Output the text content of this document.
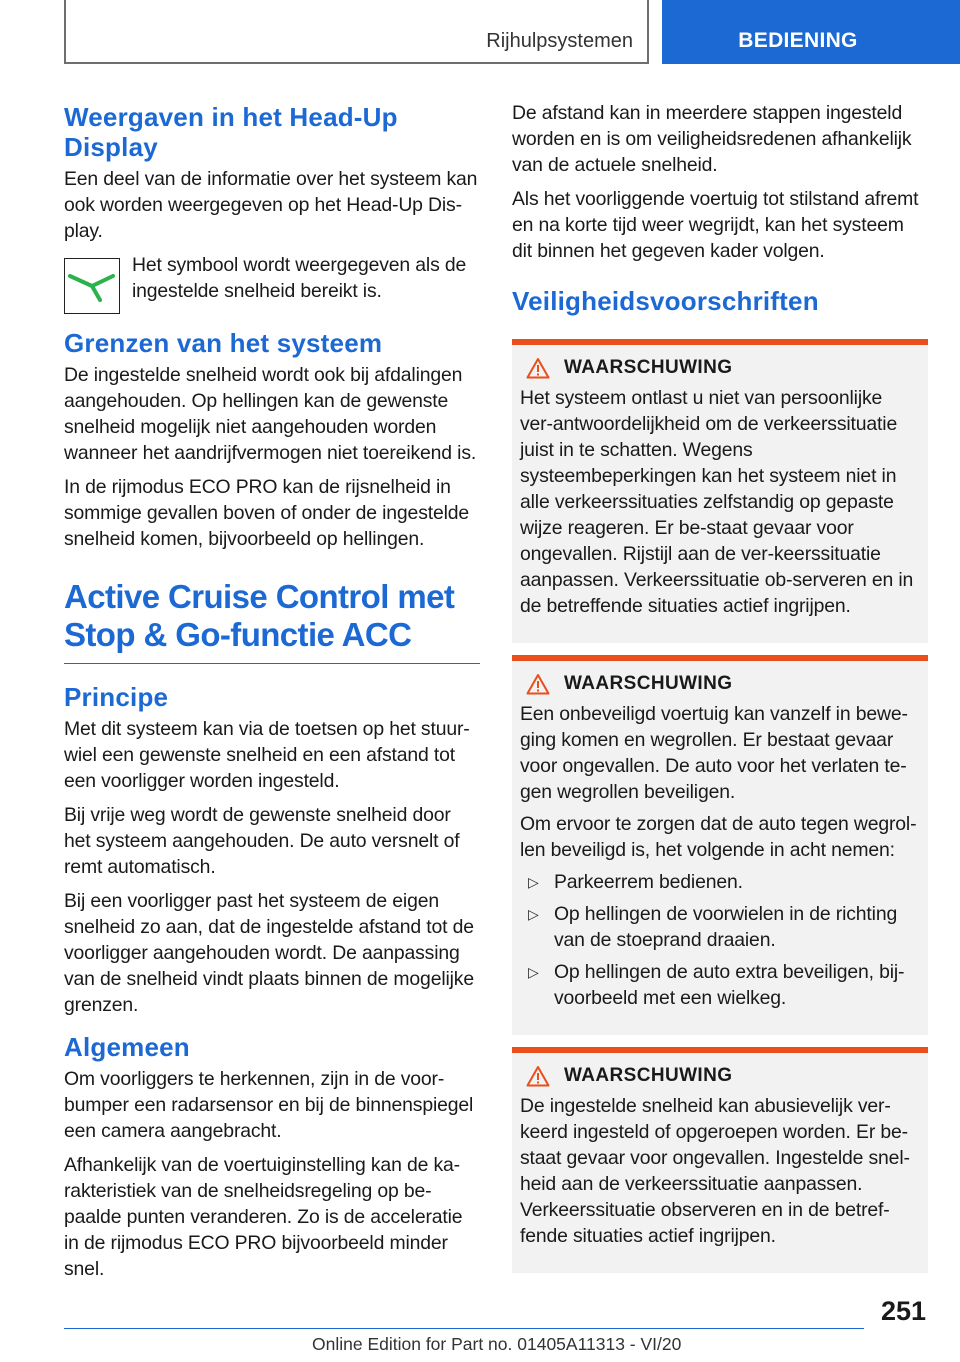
Rijhulpsystemen	BEDIENING
Weergaven in het Head-Up Display

Een deel van de informatie over het systeem kan ook worden weergegeven op het Head-Up Dis-play.

Het symbool wordt weergegeven als de ingestelde snelheid bereikt is.
Grenzen van het systeem

De ingestelde snelheid wordt ook bij afdalingen aangehouden. Op hellingen kan de gewenste snelheid mogelijk niet aangehouden worden wanneer het aandrijfvermogen niet toereikend is.

In de rijmodus ECO PRO kan de rijsnelheid in sommige gevallen boven of onder de ingestelde snelheid komen, bijvoorbeeld op hellingen.

Active Cruise Control met Stop & Go-functie ACC
Principe

Met dit systeem kan via de toetsen op het stuur-wiel een gewenste snelheid en een afstand tot een voorligger worden ingesteld.

Bij vrije weg wordt de gewenste snelheid door het systeem aangehouden. De auto versnelt of remt automatisch.

Bij een voorligger past het systeem de eigen snelheid zo aan, dat de ingestelde afstand tot de voorligger aangehouden wordt. De aanpassing van de snelheid vindt plaats binnen de mogelijke grenzen.

Algemeen

Om voorliggers te herkennen, zijn in de voor-bumper een radarsensor en bij de binnenspiegel een camera aangebracht.

Afhankelijk van de voertuiginstelling kan de ka-rakteristiek van de snelheidsregeling op be-paalde punten veranderen. Zo is de acceleratie in de rijmodus ECO PRO bijvoorbeeld minder snel.

De afstand kan in meerdere stappen ingesteld worden en is om veiligheidsredenen afhankelijk van de actuele snelheid.

Als het voorliggende voertuig tot stilstand afremt en na korte tijd weer wegrijdt, kan het systeem dit binnen het gegeven kader volgen.

Veiligheidsvoorschriften
WAARSCHUWING

Het systeem ontlast u niet van persoonlijke ver-antwoordelijkheid om de verkeerssituatie juist in te schatten. Wegens systeembeperkingen kan het systeem niet in alle verkeerssituaties zelfstandig op gepaste wijze reageren. Er be-staat gevaar voor ongevallen. Rijstijl aan de ver-keerssituatie aanpassen. Verkeerssituatie ob-serveren en in de betreffende situaties actief ingrijpen.

WAARSCHUWING

Een onbeveiligd voertuig kan vanzelf in bewe-ging komen en wegrollen. Er bestaat gevaar voor ongevallen. De auto voor het verlaten te-gen wegrollen beveiligen.

Om ervoor te zorgen dat de auto tegen wegrol-len beveiligd is, het volgende in acht nemen:

▷ Parkeerrem bedienen.
▷ Op hellingen de voorwielen in de richting van de stoeprand draaien.
▷ Op hellingen de auto extra beveiligen, bij-voorbeeld met een wielkeg.
WAARSCHUWING

De ingestelde snelheid kan abusievelijk ver-keerd ingesteld of opgeroepen worden. Er be-staat gevaar voor ongevallen. Ingestelde snel-heid aan de verkeerssituatie aanpassen. Verkeerssituatie observeren en in de betref-fende situaties actief ingrijpen.

251
Online Edition for Part no. 01405A11313 - VI/20
